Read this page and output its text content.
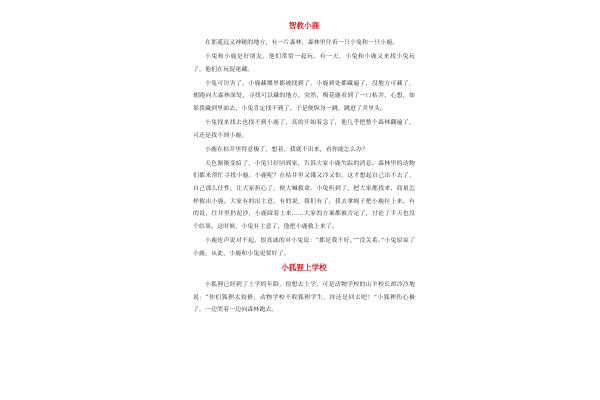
智救小鹿

在那遥远又神秘的地方，有一片森林，森林里住着一只小兔和一只小鹿。

小兔和小鹿是好朋友，他们常常一起玩。有一天，小兔和小鹿又来找小兔玩了，他们在玩捉迷藏。

小兔可厉害了，小鹿藏哪里都被找到了，小鹿到处都藏遍了，没地方可藏了，便跑向大森林深处，寻找可以藏的地方。突然，梅花鹿看到了一口枯井，心想，如果我藏到里面去，小兔肯定找不到了。于是便纵身一跳，跳进了井里头。

小兔找来找去也找不到小鹿了，真的开始着急了，他几乎把整个森林翻遍了，可还是找不到小鹿。

小鹿在枯井里得意极了，想着，我就不出来，看你能怎么办？

天色渐渐变暗了，小兔只好回到家，告诉大家小鹿失踪的消息。森林里的动物们都来帮忙寻找小鹿。小鹿呢？在枯井里又饿又冷又怕，这才想起自己出不去了，自己那么任性，让大家担心了，便大喊救命。小兔听到了，把大家都找来，商量怎样救出小鹿。大家有的出主意，有的说，我们有了，我去拿绳子把小鹿拉上来。有的说，往井里扔泥沙，小鹿踩着上来……大家的方案都被否定了，讨论了半天也没个结果。这时候，小兔有主意了，他把小鹿救上来了。

小鹿连声说对不起，很真诚的对小兔说：“都是我不好。”“没关系。”小兔原谅了小鹿。从此，小鹿和小兔更要好了。

小狐狸上学校

小狐狸已经到了上学的年龄，很想去上学，可是动物学校的山羊校长却冷冷地说：“你们狐狸太狡猾，动物学校不收狐狸学生，你还是回去吧！”小狐狸伤心极了，一边哭着一边向森林跑去。
